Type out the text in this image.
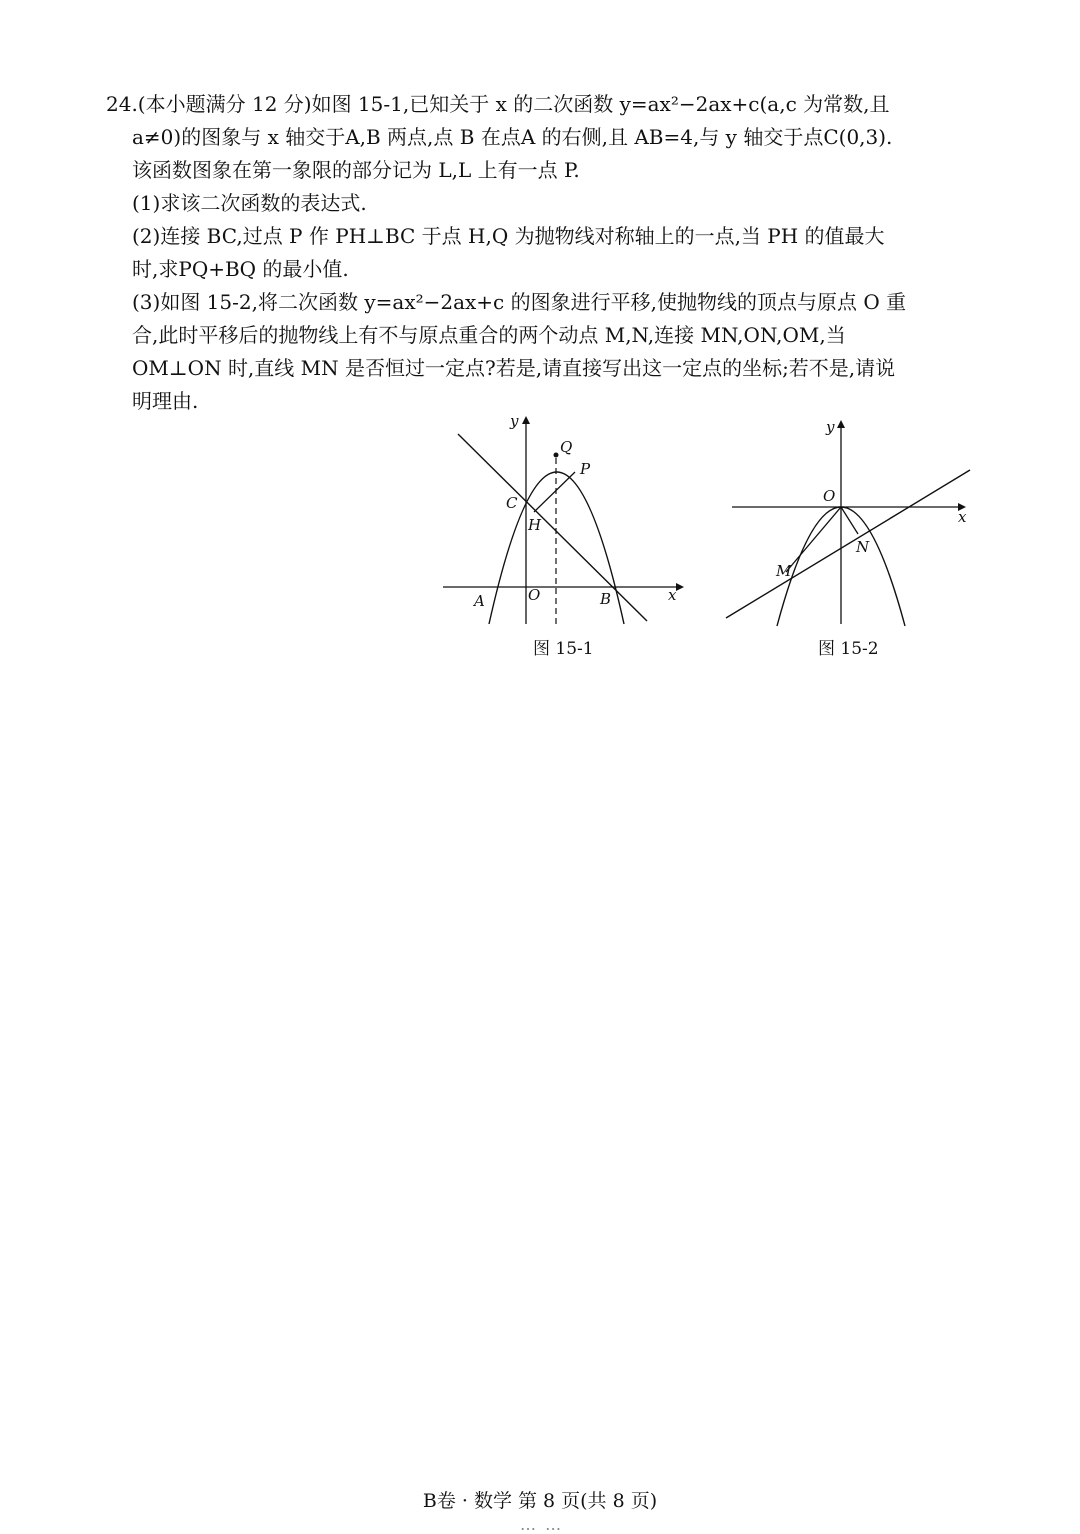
24.(本小题满分 12 分)如图 15-1,已知关于 x 的二次函数 y=ax²−2ax+c(a,c 为常数,且

a≠0)的图象与 x 轴交于A,B 两点,点 B 在点A 的右侧,且 AB=4,与 y 轴交于点C(0,3).

该函数图象在第一象限的部分记为 L,L 上有一点 P.

(1)求该二次函数的表达式.

(2)连接 BC,过点 P 作 PH⊥BC 于点 H,Q 为抛物线对称轴上的一点,当 PH 的值最大

时,求PQ+BQ 的最小值.

(3)如图 15-2,将二次函数 y=ax²−2ax+c 的图象进行平移,使抛物线的顶点与原点 O 重

合,此时平移后的抛物线上有不与原点重合的两个动点 M,N,连接 MN,ON,OM,当

OM⊥ON 时,直线 MN 是否恒过一定点?若是,请直接写出这一定点的坐标;若不是,请说

明理由.

y
x
Q
P
C
H
A	O	B
图 15-1
y
x
O
N
M
图 15-2
B卷 · 数学 第 8 页(共 8 页)
… …
